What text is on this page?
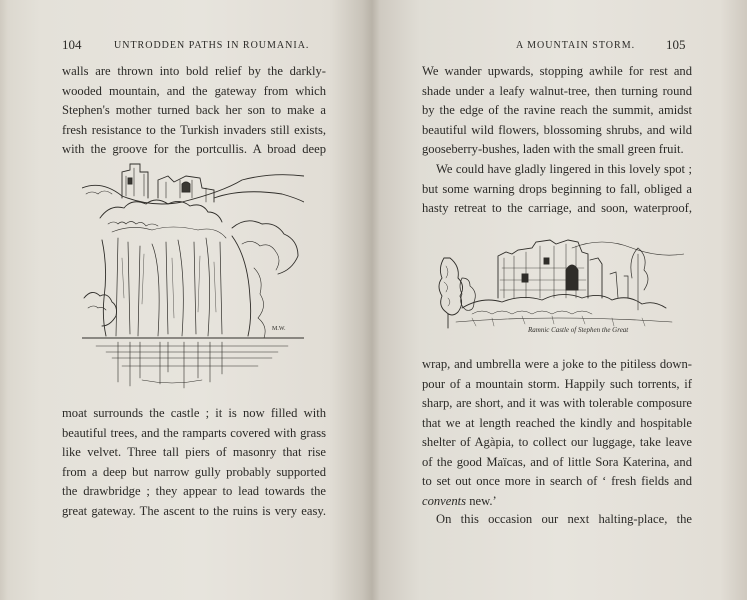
104	UNTRODDEN PATHS IN ROUMANIA.
walls are thrown into bold relief by the darkly-
wooded mountain, and the gateway from which
Stephen's mother turned back her son to make a
fresh resistance to the Turkish invaders still exists,
with the groove for the portcullis. A broad deep
M.W.
moat surrounds the castle ; it is now filled with
beautiful trees, and the ramparts covered with grass
like velvet. Three tall piers of masonry that rise
from a deep but narrow gully probably supported
the drawbridge ; they appear to lead towards the
great gateway. The ascent to the ruins is very easy.
A MOUNTAIN STORM. 105
We wander upwards, stopping awhile for rest and
shade under a leafy walnut-tree, then turning round
by the edge of the ravine reach the summit, amidst
beautiful wild flowers, blossoming shrubs, and wild
gooseberry-bushes, laden with the small green fruit.
We could have gladly lingered in this lovely spot ;
but some warning drops beginning to fall, obliged a
hasty retreat to the carriage, and soon, waterproof,
Ramnic Castle of Stephen the Great
wrap, and umbrella were a joke to the pitiless down-
pour of a mountain storm. Happily such torrents, if
sharp, are short, and it was with tolerable composure
that we at length reached the kindly and hospitable
shelter of Agàpia, to collect our luggage, take leave
of the good Maïcas, and of little Sora Katerina, and
to set out once more in search of ‘ fresh fields and
convents new.’
On this occasion our next halting-place, the
